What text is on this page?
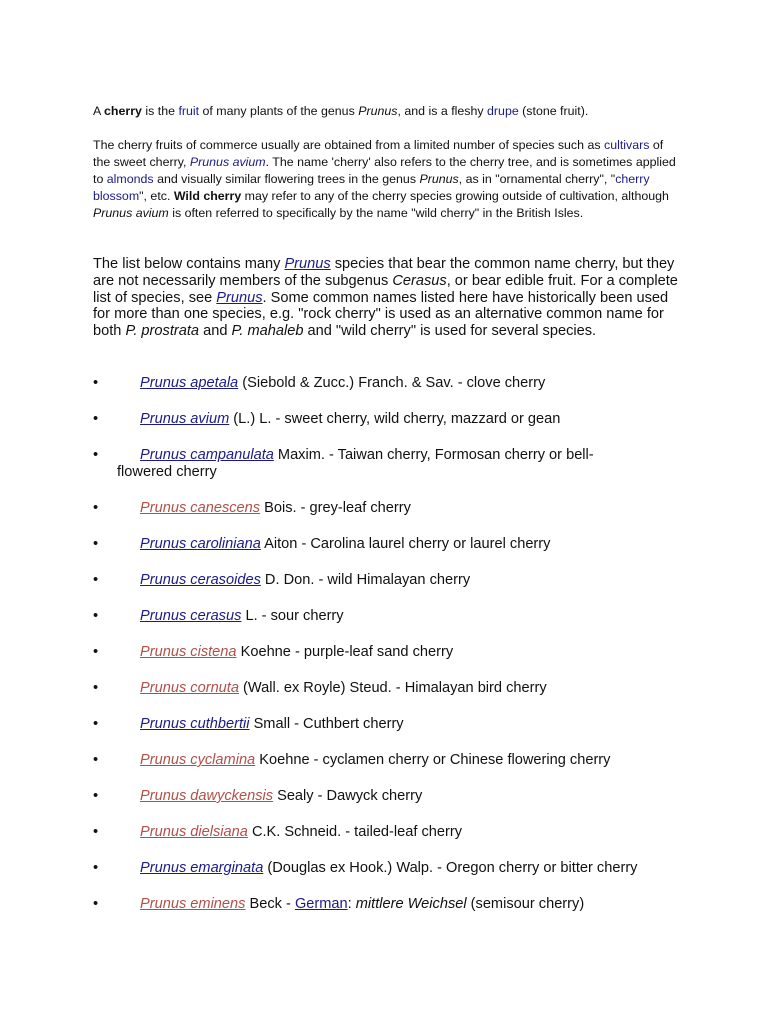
A cherry is the fruit of many plants of the genus Prunus, and is a fleshy drupe (stone fruit).
The cherry fruits of commerce usually are obtained from a limited number of species such as cultivars of the sweet cherry, Prunus avium. The name 'cherry' also refers to the cherry tree, and is sometimes applied to almonds and visually similar flowering trees in the genus Prunus, as in "ornamental cherry", "cherry blossom", etc. Wild cherry may refer to any of the cherry species growing outside of cultivation, although Prunus avium is often referred to specifically by the name "wild cherry" in the British Isles.
The list below contains many Prunus species that bear the common name cherry, but they are not necessarily members of the subgenus Cerasus, or bear edible fruit. For a complete list of species, see Prunus. Some common names listed here have historically been used for more than one species, e.g. "rock cherry" is used as an alternative common name for both P. prostrata and P. mahaleb and "wild cherry" is used for several species.
•	Prunus apetala (Siebold & Zucc.) Franch. & Sav. - clove cherry
•	Prunus avium (L.) L. - sweet cherry, wild cherry, mazzard or gean
•	Prunus campanulata Maxim. - Taiwan cherry, Formosan cherry or bell-
flowered cherry
•	Prunus canescens Bois. - grey-leaf cherry
•	Prunus caroliniana Aiton - Carolina laurel cherry or laurel cherry
•	Prunus cerasoides D. Don. - wild Himalayan cherry
•	Prunus cerasus L. - sour cherry
•	Prunus cistena Koehne - purple-leaf sand cherry
•	Prunus cornuta (Wall. ex Royle) Steud. - Himalayan bird cherry
•	Prunus cuthbertii Small - Cuthbert cherry
•	Prunus cyclamina Koehne - cyclamen cherry or Chinese flowering cherry
•	Prunus dawyckensis Sealy - Dawyck cherry
•	Prunus dielsiana C.K. Schneid. - tailed-leaf cherry
•	Prunus emarginata (Douglas ex Hook.) Walp. - Oregon cherry or bitter cherry
•	Prunus eminens Beck - German: mittlere Weichsel (semisour cherry)
